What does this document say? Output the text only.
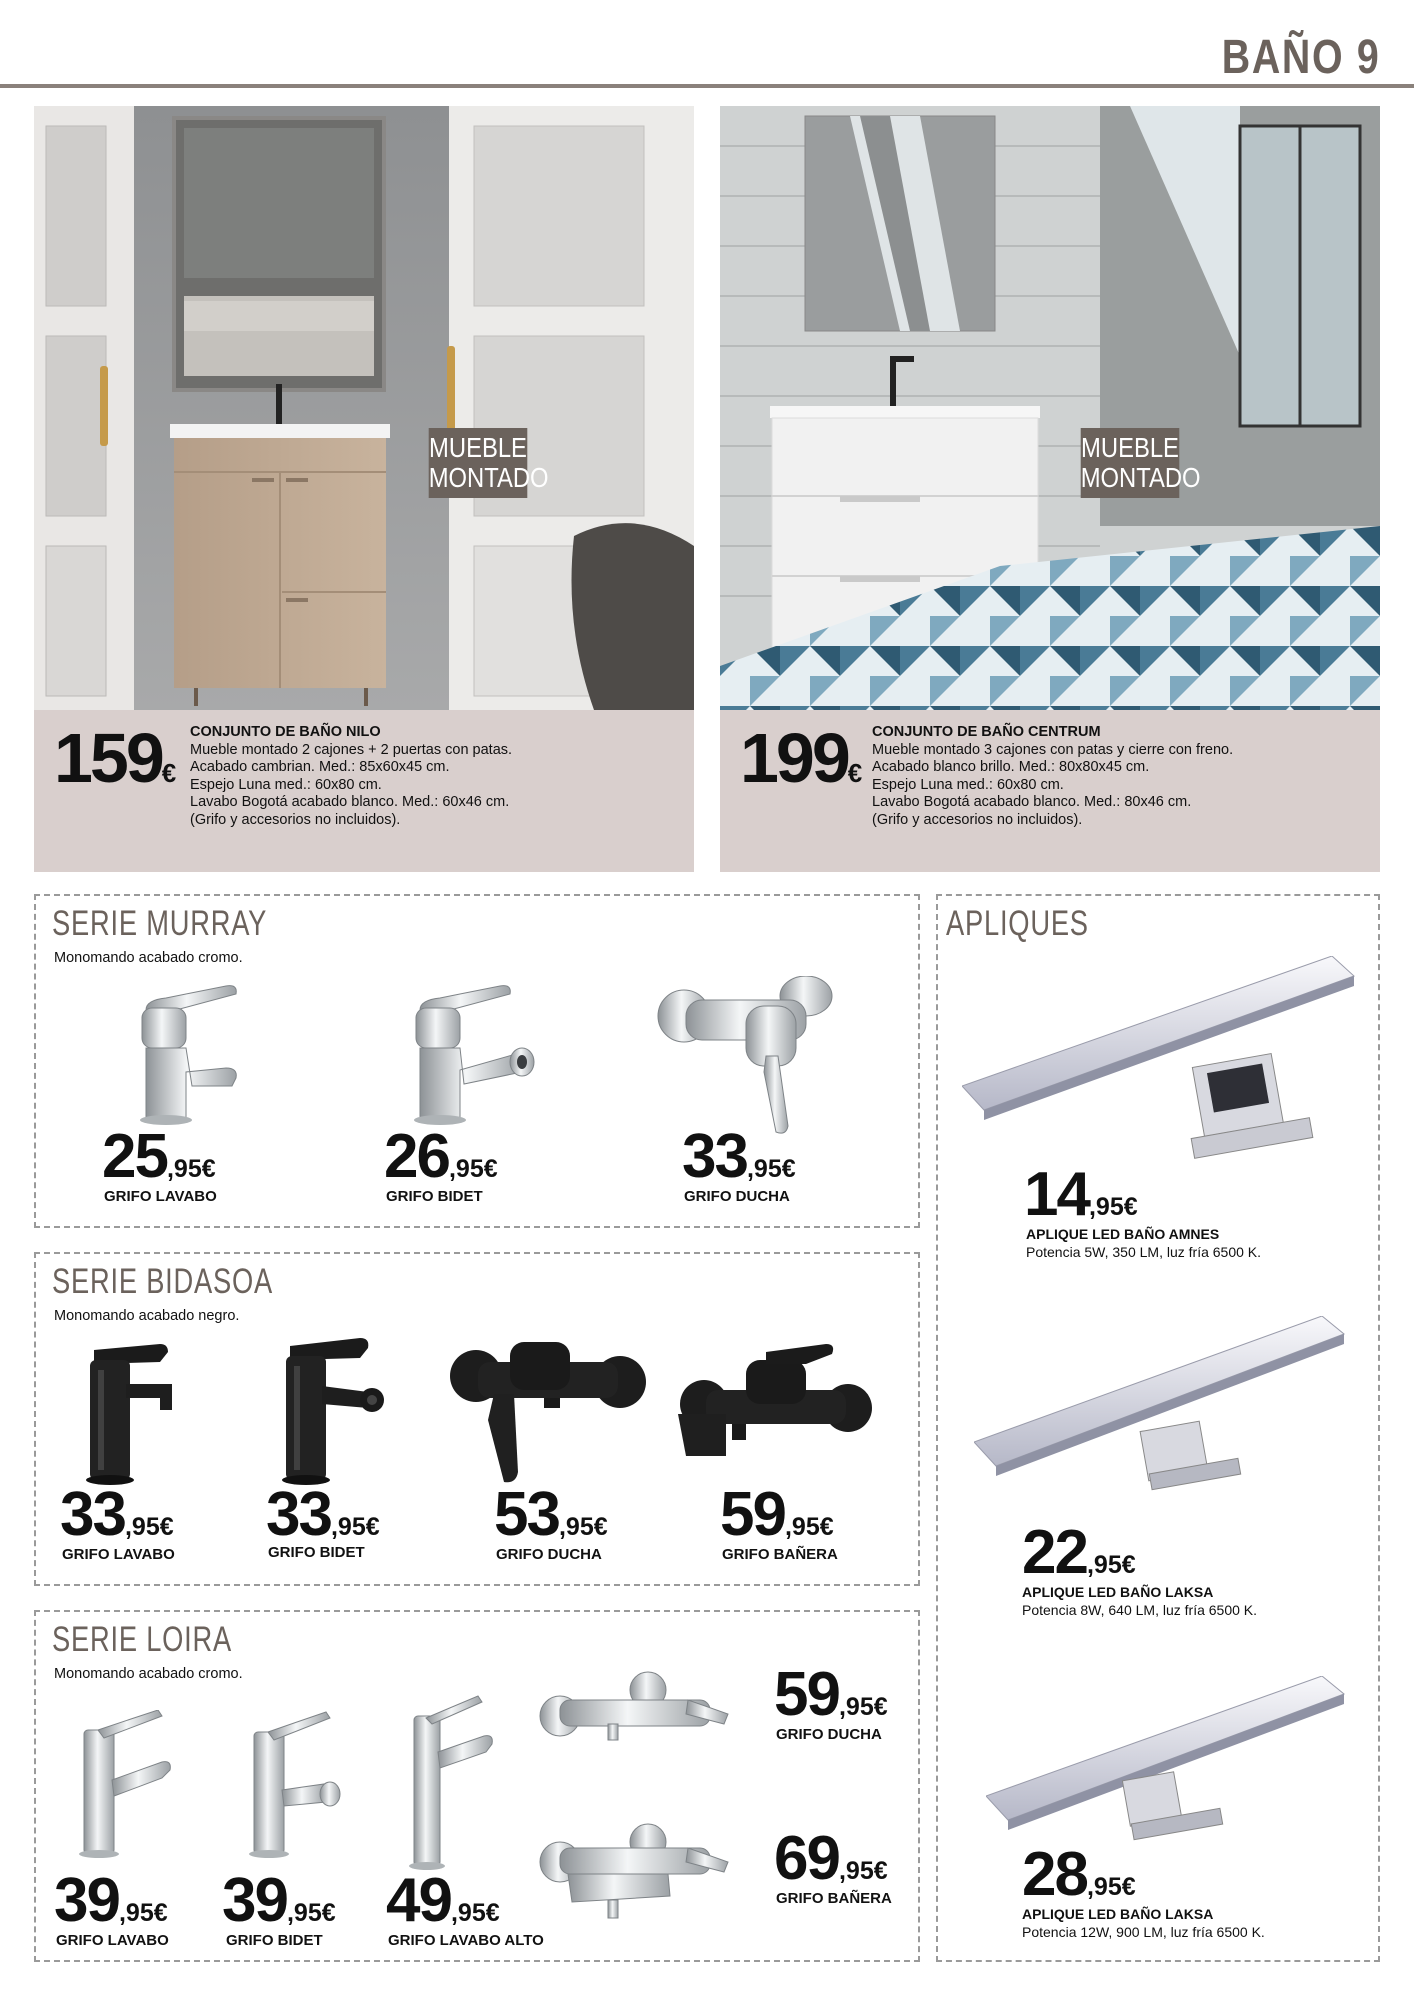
BAÑO 9
MUEBLE
MONTADO
159€
CONJUNTO DE BAÑO NILO
Mueble montado 2 cajones + 2 puertas con patas.
Acabado cambrian. Med.: 85x60x45 cm.
Espejo Luna med.: 60x80 cm.
Lavabo Bogotá acabado blanco. Med.: 60x46 cm.
(Grifo y accesorios no incluidos).
MUEBLE
MONTADO
199€
CONJUNTO DE BAÑO CENTRUM
Mueble montado 3 cajones con patas y cierre con freno.
Acabado blanco brillo. Med.: 80x80x45 cm.
Espejo Luna med.: 60x80 cm.
Lavabo Bogotá acabado blanco. Med.: 80x46 cm.
(Grifo y accesorios no incluidos).
SERIE MURRAY
Monomando acabado cromo.
25,95€
GRIFO LAVABO
26,95€
GRIFO BIDET
33,95€
GRIFO DUCHA
SERIE BIDASOA
Monomando acabado negro.
33,95€
GRIFO LAVABO
33,95€
GRIFO BIDET
53,95€
GRIFO DUCHA
59,95€
GRIFO BAÑERA
SERIE LOIRA
Monomando acabado cromo.
39,95€
GRIFO LAVABO
39,95€
GRIFO BIDET
49,95€
GRIFO LAVABO ALTO
59,95€
GRIFO DUCHA
69,95€
GRIFO BAÑERA
APLIQUES
14,95€
APLIQUE LED BAÑO AMNES
Potencia 5W, 350 LM, luz fría 6500 K.
22,95€
APLIQUE LED BAÑO LAKSA
Potencia 8W, 640 LM, luz fría 6500 K.
28,95€
APLIQUE LED BAÑO LAKSA
Potencia 12W, 900 LM, luz fría 6500 K.
